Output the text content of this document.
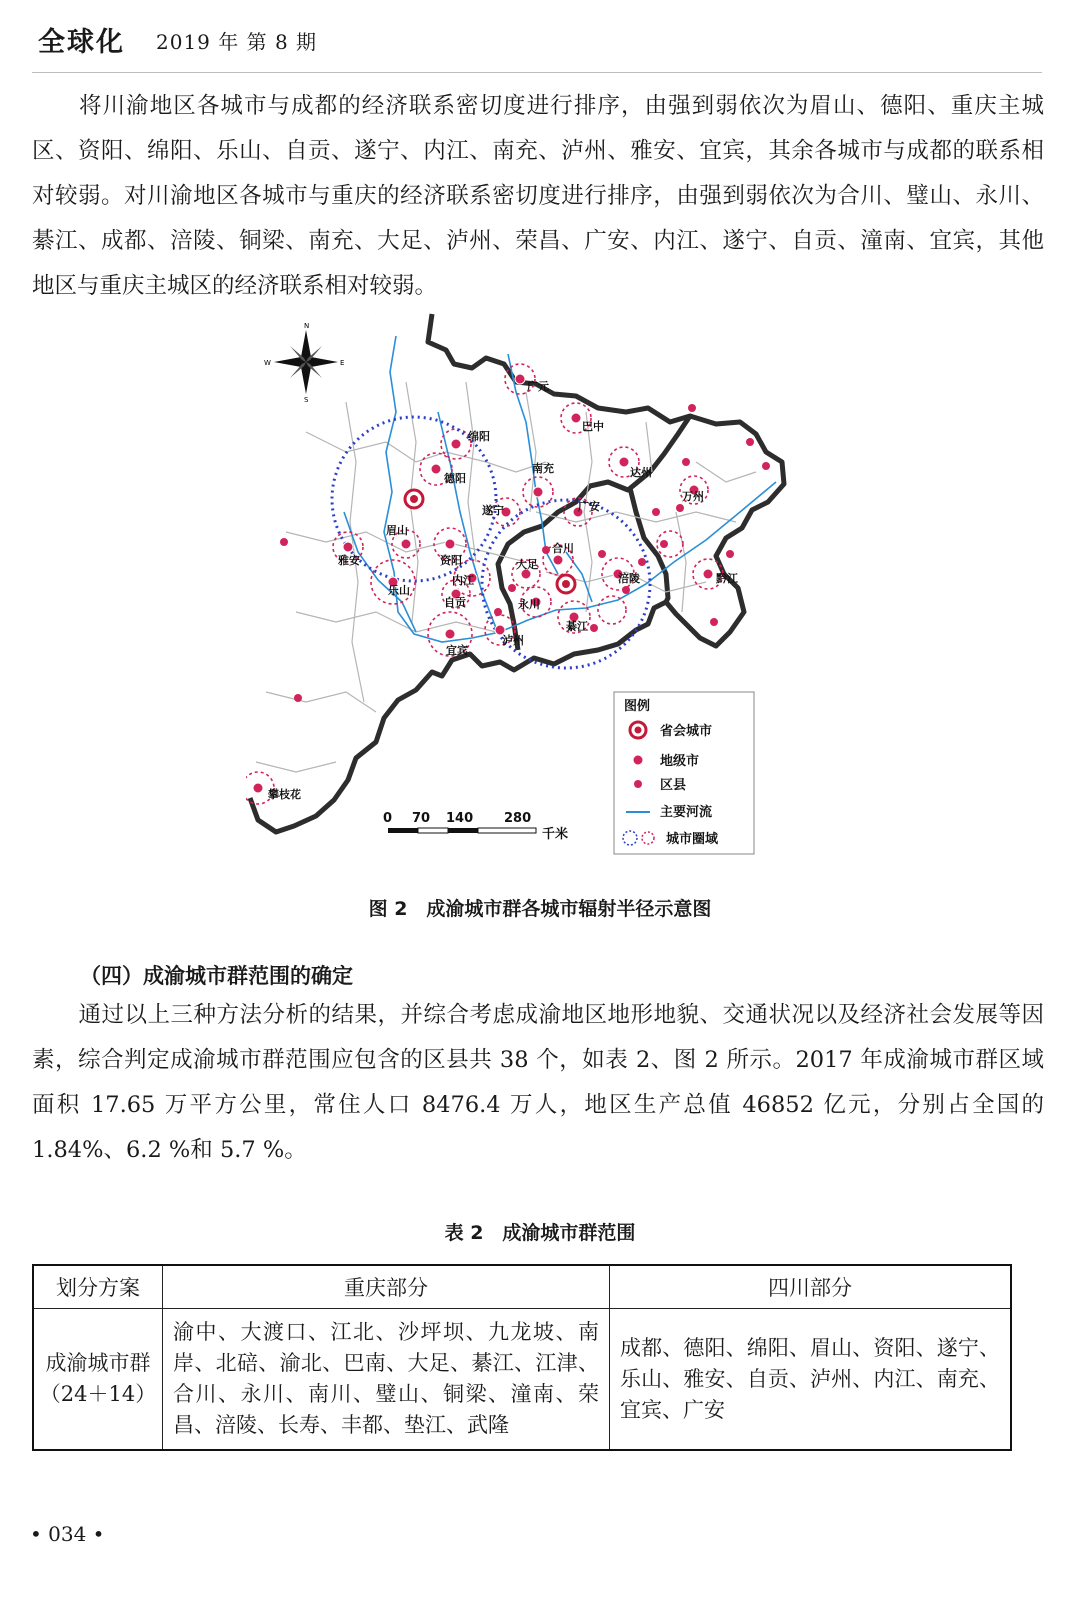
全球化 2019 年 第 8 期

将川渝地区各城市与成都的经济联系密切度进行排序，由强到弱依次为眉山、德阳、重庆主城区、资阳、绵阳、乐山、自贡、遂宁、内江、南充、泸州、雅安、宜宾，其余各城市与成都的联系相对较弱。对川渝地区各城市与重庆的经济联系密切度进行排序，由强到弱依次为合川、璧山、永川、綦江、成都、涪陵、铜梁、南充、大足、泸州、荣昌、广安、内江、遂宁、自贡、潼南、宜宾，其他地区与重庆主城区的经济联系相对较弱。

广元
巴中
绵阳
德阳	达州
万州
南充
遂宁	广安
眉山
雅安	资阳
合川
乐山
内江
大足
涪陵	黔江
自贡	永川
綦江
泸州
宜宾
攀枝花
N
S
W	E
0 70 140 280
千米
图例
省会城市
地级市
区县
主要河流
城市圈域
图 2　成渝城市群各城市辐射半径示意图
（四）成渝城市群范围的确定

通过以上三种方法分析的结果，并综合考虑成渝地区地形地貌、交通状况以及经济社会发展等因素，综合判定成渝城市群范围应包含的区县共 38 个，如表 2、图 2 所示。2017 年成渝城市群区域面积 17.65 万平方公里，常住人口 8476.4 万人，地区生产总值 46852 亿元，分别占全国的 1.84%、6.2 %和 5.7 %。

表 2　成渝城市群范围
划分方案	重庆部分	四川部分

成渝城市群
（24＋14）	渝中、大渡口、江北、沙坪坝、九龙坡、南岸、北碚、渝北、巴南、大足、綦江、江津、合川、永川、南川、璧山、铜梁、潼南、荣昌、涪陵、长寿、丰都、垫江、武隆	成都、德阳、绵阳、眉山、资阳、遂宁、乐山、雅安、自贡、泸州、内江、南充、宜宾、广安
• 034 •
